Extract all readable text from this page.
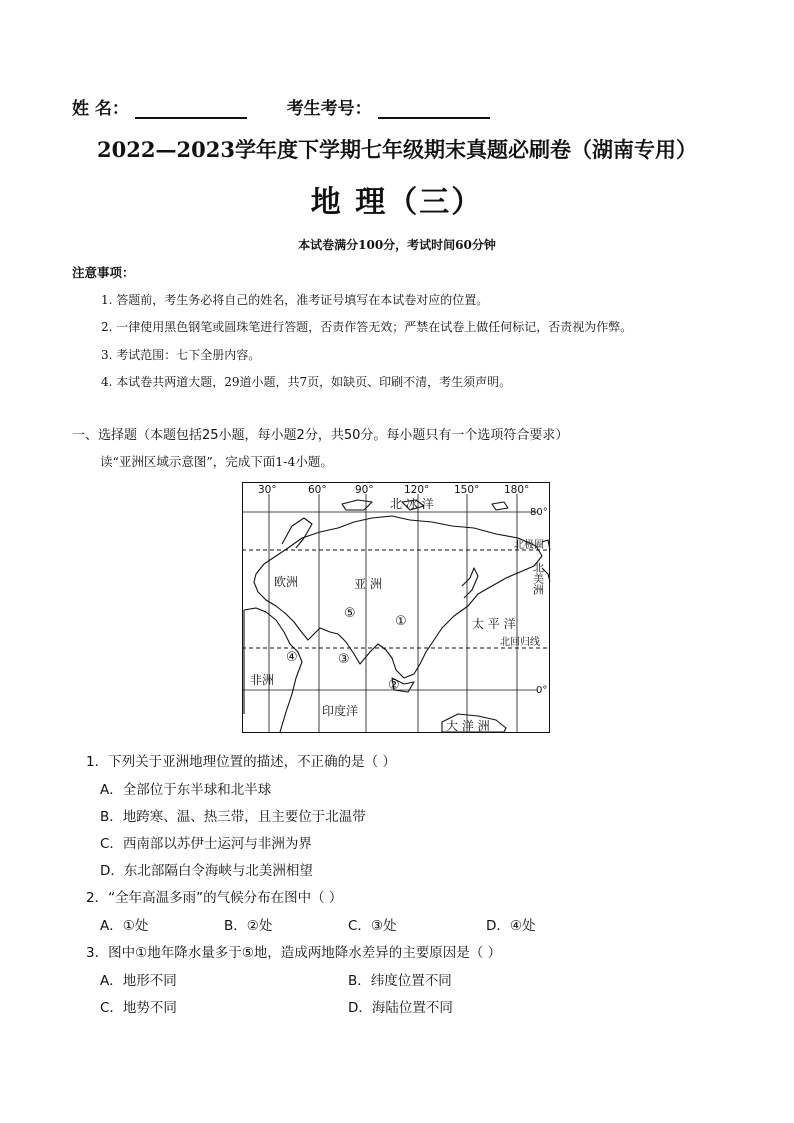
姓 名：	考生考号：
2022—2023学年度下学期七年级期末真题必刷卷（湖南专用）
地 理（三）
本试卷满分100分，考试时间60分钟
注意事项：
1. 答题前，考生务必将自己的姓名，准考证号填写在本试卷对应的位置。
2. 一律使用黑色钢笔或圆珠笔进行答题，否责作答无效；严禁在试卷上做任何标记，否责视为作弊。
3. 考试范围：七下全册内容。
4. 本试卷共两道大题，29道小题，共7页，如缺页、印刷不清，考生须声明。
一、选择题（本题包括25小题，每小题2分，共50分。每小题只有一个选项符合要求）
读“亚洲区域示意图”，完成下面1-4小题。
30°	60°	90°	120° 150° 180°
80°
0°
北 冰 洋
北极圈
欧洲	亚 洲
太 平 洋
北回归线
非洲
印度洋
大 洋 洲
北美洲
①
②
③
④
⑤
1．下列关于亚洲地理位置的描述，不正确的是（ ）
A．全部位于东半球和北半球
B．地跨寒、温、热三带，且主要位于北温带
C．西南部以苏伊士运河与非洲为界
D．东北部隔白令海峡与北美洲相望
2．“全年高温多雨”的气候分布在图中（ ）
A．①处	B．②处	C．③处	D．④处
3．图中①地年降水量多于⑤地，造成两地降水差异的主要原因是（ ）
A．地形不同	B．纬度位置不同
C．地势不同	D．海陆位置不同
